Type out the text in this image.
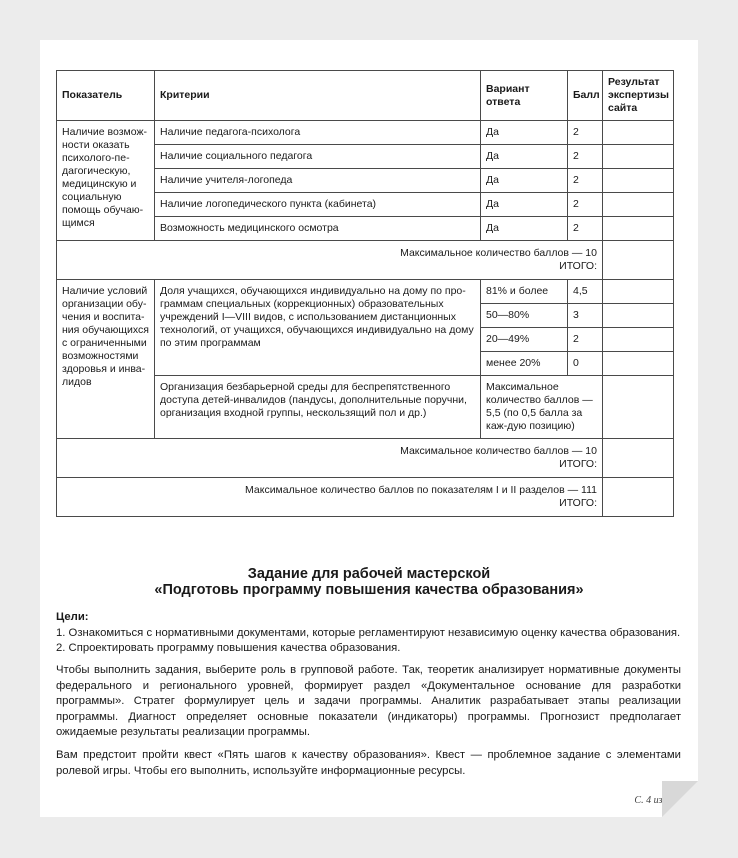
Показатель	Критерии	Вариант ответа	Балл	Результат экспертизы сайта
Наличие возмож-ности оказать психолого-пе-дагогическую, медицинскую и социальную помощь обучаю-щимся	Наличие педагога-психолога	Да	2	
	Наличие социального педагога	Да	2	
	Наличие учителя-логопеда	Да	2	
	Наличие логопедического пункта (кабинета)	Да	2	
	Возможность медицинского осмотра	Да	2	

Максимальное количество баллов — 10
ИТОГО:				

Наличие условий организации обу-чения и воспита-ния обучающихся с ограниченными возможностями здоровья и инва-лидов	Доля учащихся, обучающихся индивидуально на дому по про-граммам специальных (коррекционных) образовательных учреждений I—VIII видов, с использованием дистанционных технологий, от учащихся, обучающихся индивидуально на дому по этим программам	81% и более	4,5	
		50—80%	3	
		20—49%	2	
		менее 20%	0	
	Организация безбарьерной среды для беспрепятственного доступа детей-инвалидов (пандусы, дополнительные поручни, организация входной группы, нескользящий пол и др.)	Максимальное количество баллов — 5,5 (по 0,5 балла за каж-дую позицию)		

Максимальное количество баллов — 10
ИТОГО:				

Максимальное количество баллов по показателям I и II разделов — 111
ИТОГО:				

Задание для рабочей мастерской
«Подготовь программу повышения качества образования»
Цели:
1. Ознакомиться с нормативными документами, которые регламентируют независимую оценку качества образования.
2. Спроектировать программу повышения качества образования.
Чтобы выполнить задания, выберите роль в групповой работе. Так, теоретик анализирует нормативные документы федерального и регионального уровней, формирует раздел «Документальное основание для разработки программы». Стратег формулирует цель и задачи программы. Аналитик разрабатывает этапы реализации программы. Диагност определяет основные показатели (индикаторы) программы. Прогнозист предполагает ожидаемые результаты реализации программы.
Вам предстоит пройти квест «Пять шагов к качеству образования». Квест — проблемное задание с элементами ролевой игры. Чтобы его выполнить, используйте информационные ресурсы.
С. 4 из 9
